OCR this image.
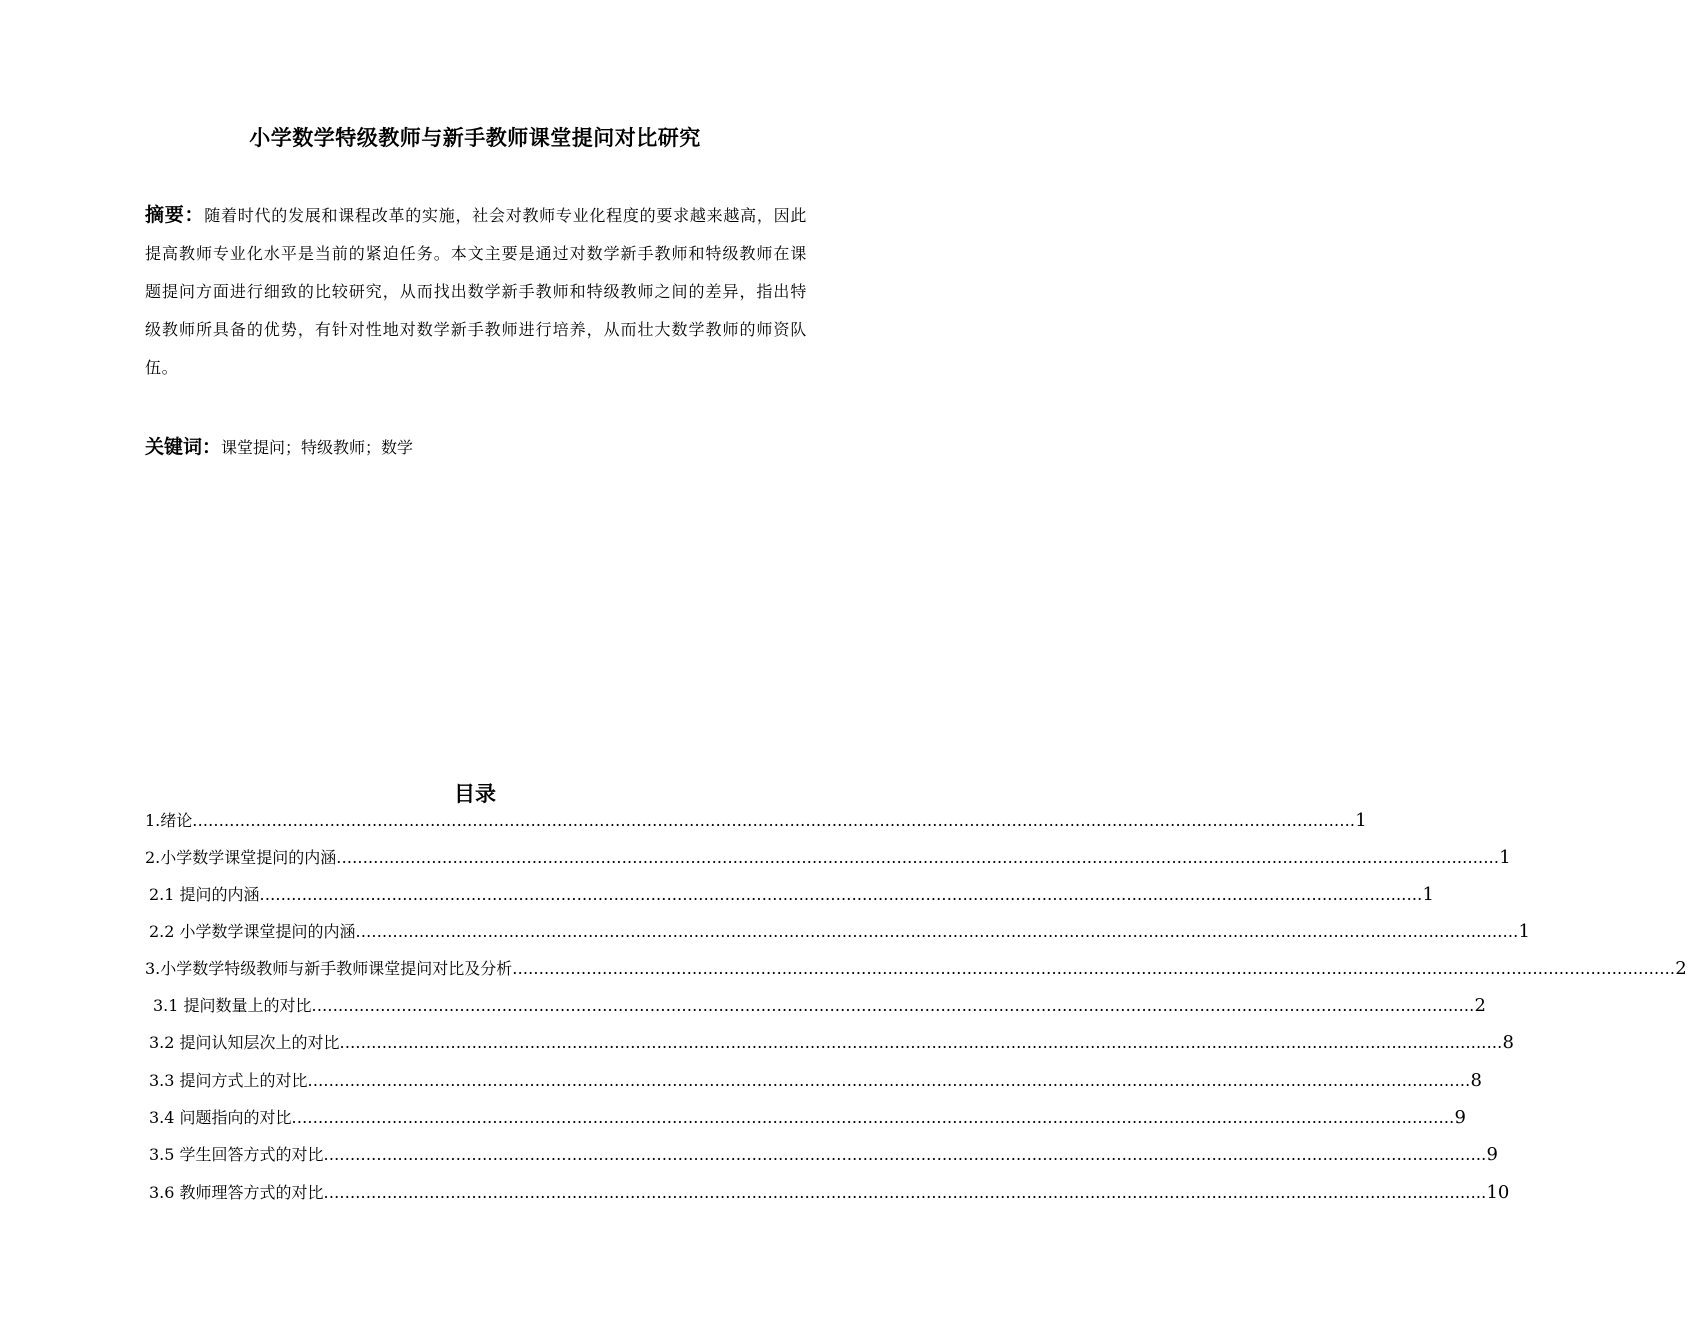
小学数学特级教师与新手教师课堂提问对比研究
摘要：随着时代的发展和课程改革的实施，社会对教师专业化程度的要求越来越高，因此提高教师专业化水平是当前的紧迫任务。本文主要是通过对数学新手教师和特级教师在课题提问方面进行细致的比较研究，从而找出数学新手教师和特级教师之间的差异，指出特级教师所具备的优势，有针对性地对数学新手教师进行培养，从而壮大数学教师的师资队伍。
关键词：课堂提问；特级教师；数学
目录
1.绪论 ............................................................................................................................................................................................................................ 1
2.小学数学课堂提问的内涵 ............................................................................................................................................................................................................................ 1
2.1 提问的内涵 ............................................................................................................................................................................................................................ 1
2.2 小学数学课堂提问的内涵 ............................................................................................................................................................................................................................ 1
3.小学数学特级教师与新手教师课堂提问对比及分析 ............................................................................................................................................................................................................................ 2
3.1 提问数量上的对比 ............................................................................................................................................................................................................................ 2
3.2 提问认知层次上的对比 ............................................................................................................................................................................................................................ 8
3.3 提问方式上的对比 ............................................................................................................................................................................................................................ 8
3.4 问题指向的对比 ............................................................................................................................................................................................................................ 9
3.5 学生回答方式的对比 ............................................................................................................................................................................................................................ 9
3.6 教师理答方式的对比 ............................................................................................................................................................................................................................ 10
